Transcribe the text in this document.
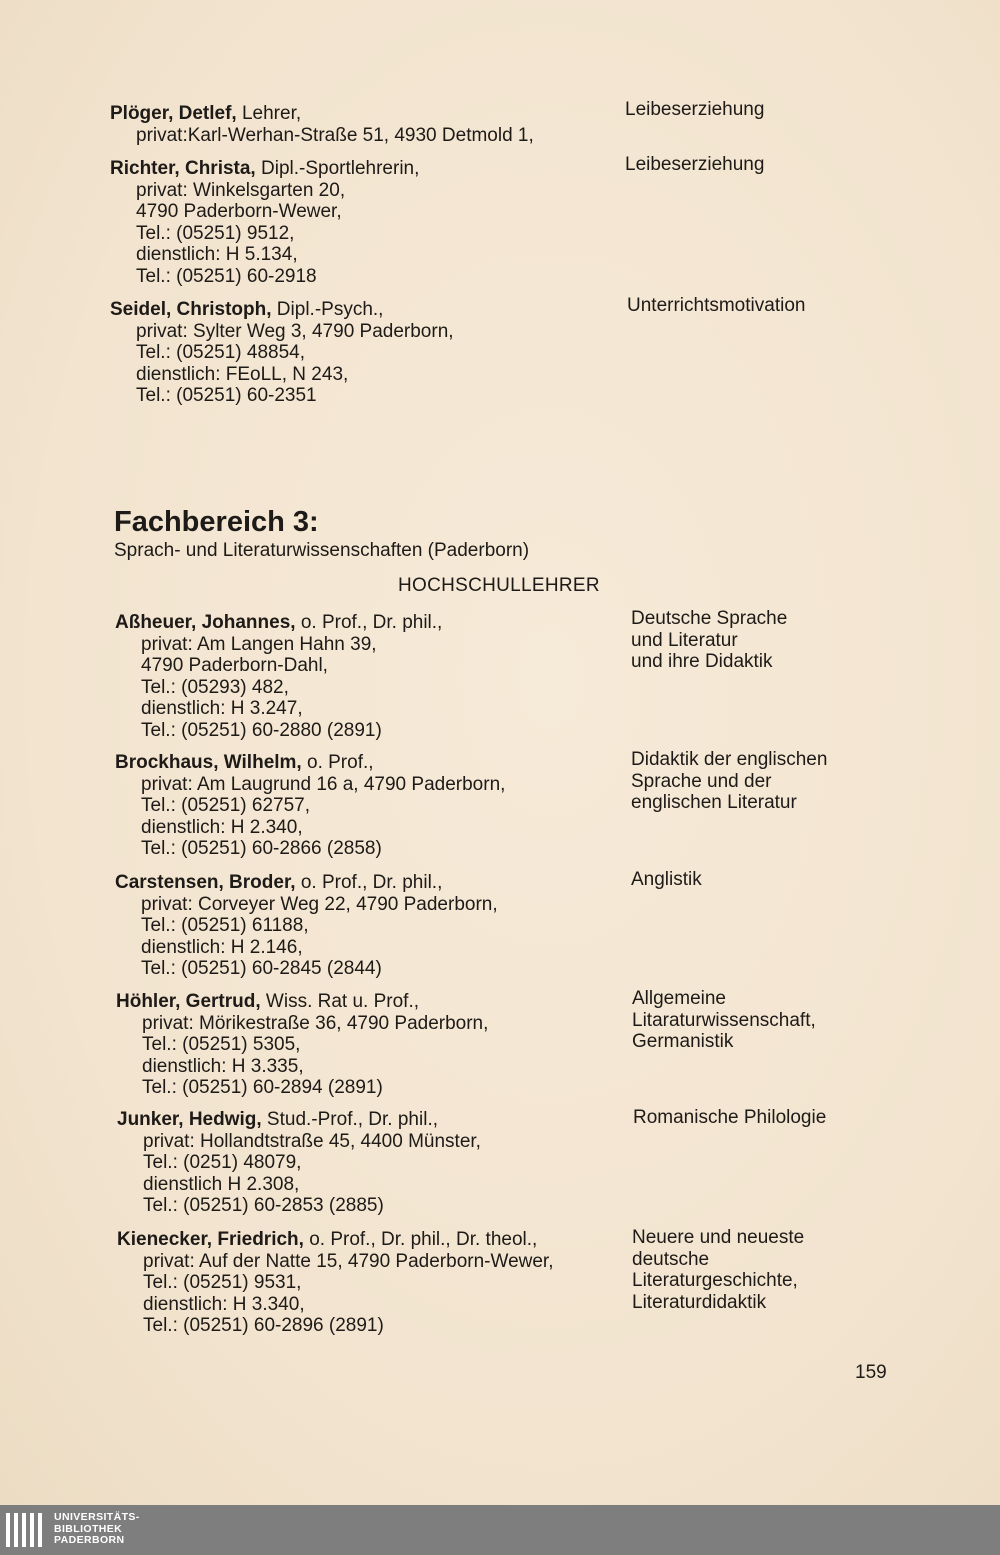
Plöger, Detlef, Lehrer,
privat:Karl-Werhan-Straße 51, 4930 Detmold 1,
Leibeserziehung
Richter, Christa, Dipl.-Sportlehrerin,
privat: Winkelsgarten 20,
4790 Paderborn-Wewer,
Tel.: (05251) 9512,
dienstlich: H 5.134,
Tel.: (05251) 60-2918
Leibeserziehung
Seidel, Christoph, Dipl.-Psych.,
privat: Sylter Weg 3, 4790 Paderborn,
Tel.: (05251) 48854,
dienstlich: FEoLL, N 243,
Tel.: (05251) 60-2351
Unterrichtsmotivation
Fachbereich 3:
Sprach- und Literaturwissenschaften (Paderborn)
HOCHSCHULLEHRER
Aßheuer, Johannes, o. Prof., Dr. phil.,
privat: Am Langen Hahn 39,
4790 Paderborn-Dahl,
Tel.: (05293) 482,
dienstlich: H 3.247,
Tel.: (05251) 60-2880 (2891)
Deutsche Sprache
und Literatur
und ihre Didaktik
Brockhaus, Wilhelm, o. Prof.,
privat: Am Laugrund 16 a, 4790 Paderborn,
Tel.: (05251) 62757,
dienstlich: H 2.340,
Tel.: (05251) 60-2866 (2858)
Didaktik der englischen
Sprache und der
englischen Literatur
Carstensen, Broder, o. Prof., Dr. phil.,
privat: Corveyer Weg 22, 4790 Paderborn,
Tel.: (05251) 61188,
dienstlich: H 2.146,
Tel.: (05251) 60-2845 (2844)
Anglistik
Höhler, Gertrud, Wiss. Rat u. Prof.,
privat: Mörikestraße 36, 4790 Paderborn,
Tel.: (05251) 5305,
dienstlich: H 3.335,
Tel.: (05251) 60-2894 (2891)
Allgemeine
Litaraturwissenschaft,
Germanistik
Junker, Hedwig, Stud.-Prof., Dr. phil.,
privat: Hollandtstraße 45, 4400 Münster,
Tel.: (0251) 48079,
dienstlich H 2.308,
Tel.: (05251) 60-2853 (2885)
Romanische Philologie
Kienecker, Friedrich, o. Prof., Dr. phil., Dr. theol.,
privat: Auf der Natte 15, 4790 Paderborn-Wewer,
Tel.: (05251) 9531,
dienstlich: H 3.340,
Tel.: (05251) 60-2896 (2891)
Neuere und neueste
deutsche
Literaturgeschichte,
Literaturdidaktik
159
UNIVERSITÄTS-
BIBLIOTHEK
PADERBORN
